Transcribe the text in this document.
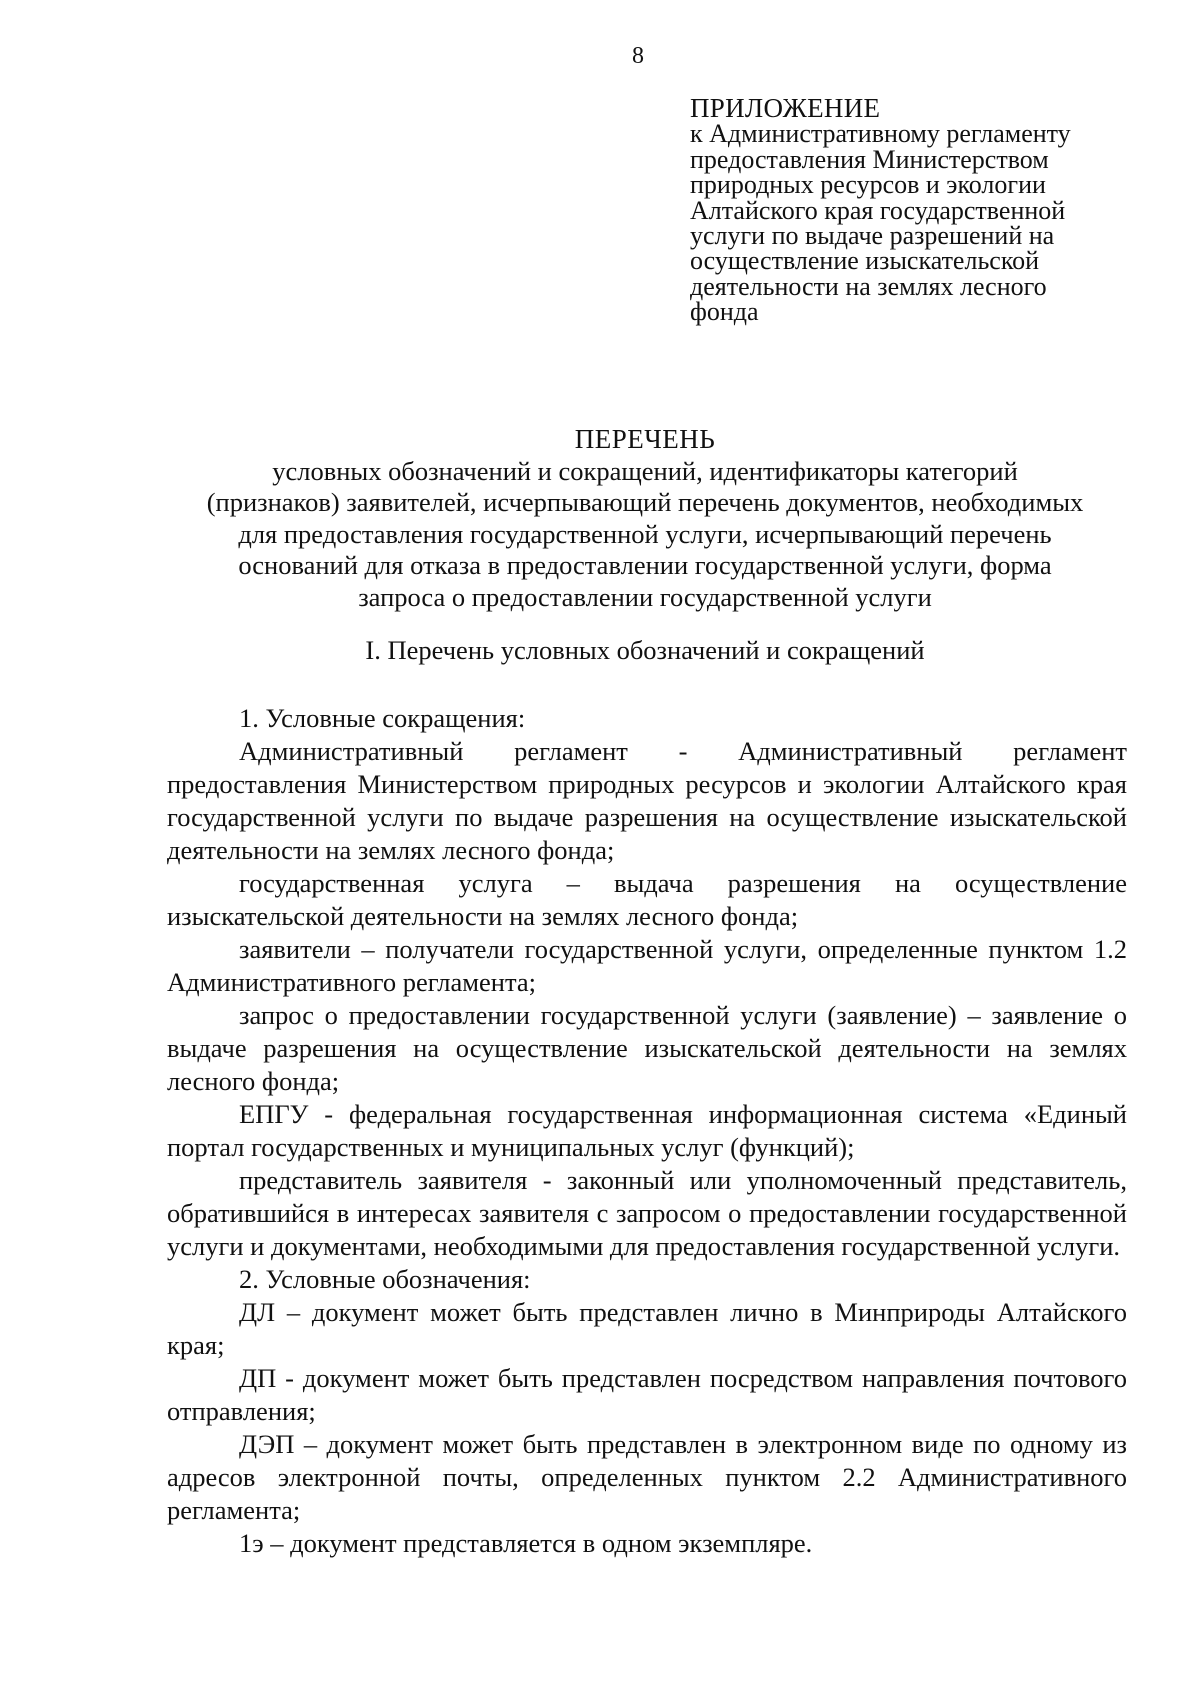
8
ПРИЛОЖЕНИЕ
к Административному регламенту
предоставления Министерством
природных ресурсов и экологии
Алтайского края государственной
услуги по выдаче разрешений на
осуществление изыскательской
деятельности на землях лесного
фонда
ПЕРЕЧЕНЬ
условных обозначений и сокращений, идентификаторы категорий
(признаков) заявителей, исчерпывающий перечень документов, необходимых
для предоставления государственной услуги, исчерпывающий перечень
оснований для отказа в предоставлении государственной услуги, форма
запроса о предоставлении государственной услуги
I. Перечень условных обозначений и сокращений

1. Условные сокращения:

Административный регламент - Административный регламент предоставления Министерством природных ресурсов и экологии Алтайского края государственной услуги по выдаче разрешения на осуществление изыскательской деятельности на землях лесного фонда;

государственная услуга – выдача разрешения на осуществление изыскательской деятельности на землях лесного фонда;

заявители – получатели государственной услуги, определенные пунктом 1.2 Административного регламента;

запрос о предоставлении государственной услуги (заявление) – заявление о выдаче разрешения на осуществление изыскательской деятельности на землях лесного фонда;

ЕПГУ - федеральная государственная информационная система «Единый портал государственных и муниципальных услуг (функций);

представитель заявителя - законный или уполномоченный представитель, обратившийся в интересах заявителя с запросом о предоставлении государственной услуги и документами, необходимыми для предоставления государственной услуги.

2. Условные обозначения:

ДЛ – документ может быть представлен лично в Минприроды Алтайского края;

ДП - документ может быть представлен посредством направления почтового отправления;

ДЭП – документ может быть представлен в электронном виде по одному из адресов электронной почты, определенных пунктом 2.2 Административного регламента;

1э – документ представляется в одном экземпляре.
